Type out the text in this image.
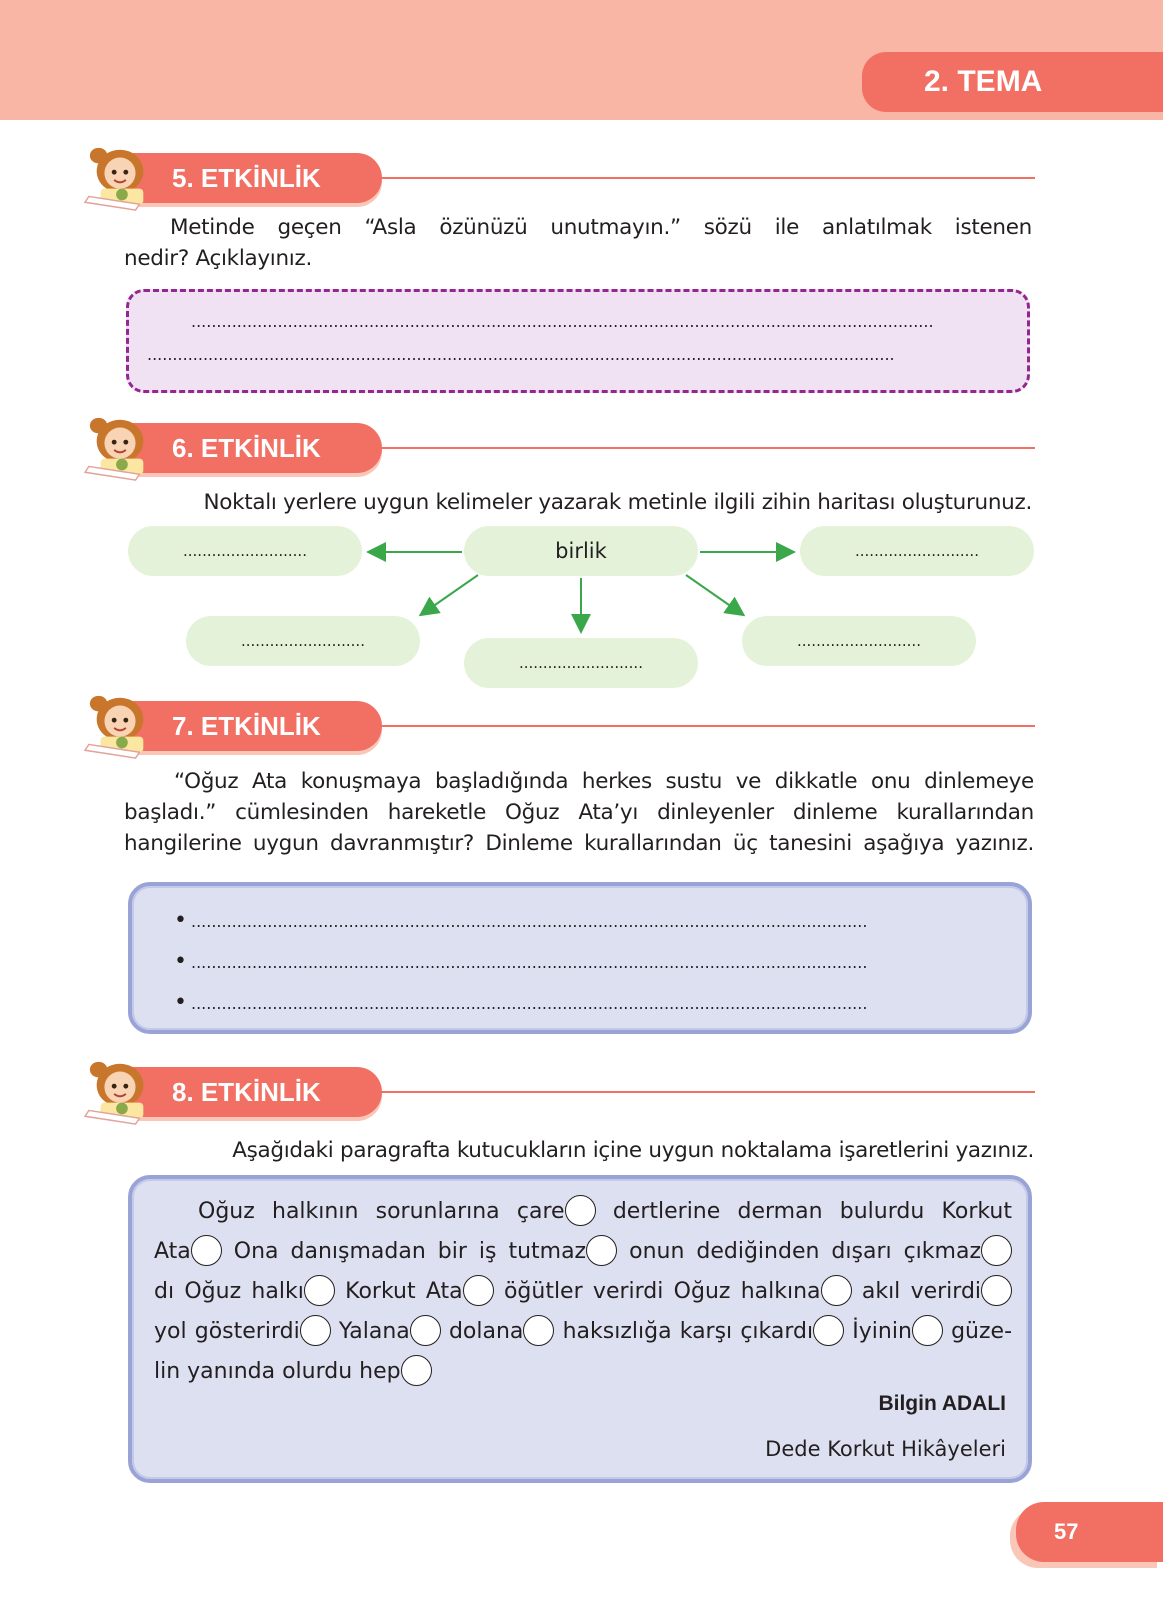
2. TEMA
5. ETKİNLİK
Metinde geçen “Asla özünüzü unutmayın.” sözü ile anlatılmak istenen
nedir? Açıklayınız.
..................................................................................................................................................
...................................................................................................................................................
6. ETKİNLİK
Noktalı yerlere uygun kelimeler yazarak metinle ilgili zihin haritası oluşturunuz.
..........................	birlik	..........................
..........................
..........................
..........................
7. ETKİNLİK
“Oğuz Ata konuşmaya başladığında herkes sustu ve dikkatle onu dinlemeye
başladı.” cümlesinden hareketle Oğuz Ata’yı dinleyenler dinleme kurallarından
hangilerine uygun davranmıştır? Dinleme kurallarından üç tanesini aşağıya yazınız.
• .....................................................................................................................................
• .....................................................................................................................................
• .....................................................................................................................................
8. ETKİNLİK
Aşağıdaki paragrafta kutucukların içine uygun noktalama işaretlerini yazınız.
Oğuz halkının sorunlarına çare dertlerine derman bulurdu Korkut
Ata Ona danışmadan bir iş tutmaz onun dediğinden dışarı çıkmaz
dı Oğuz halkı Korkut Ata öğütler verirdi Oğuz halkına akıl verirdi
yol gösterirdi Yalana dolana haksızlığa karşı çıkardı İyinin güze-
lin yanında olurdu hep
Bilgin ADALI
Dede Korkut Hikâyeleri
57
